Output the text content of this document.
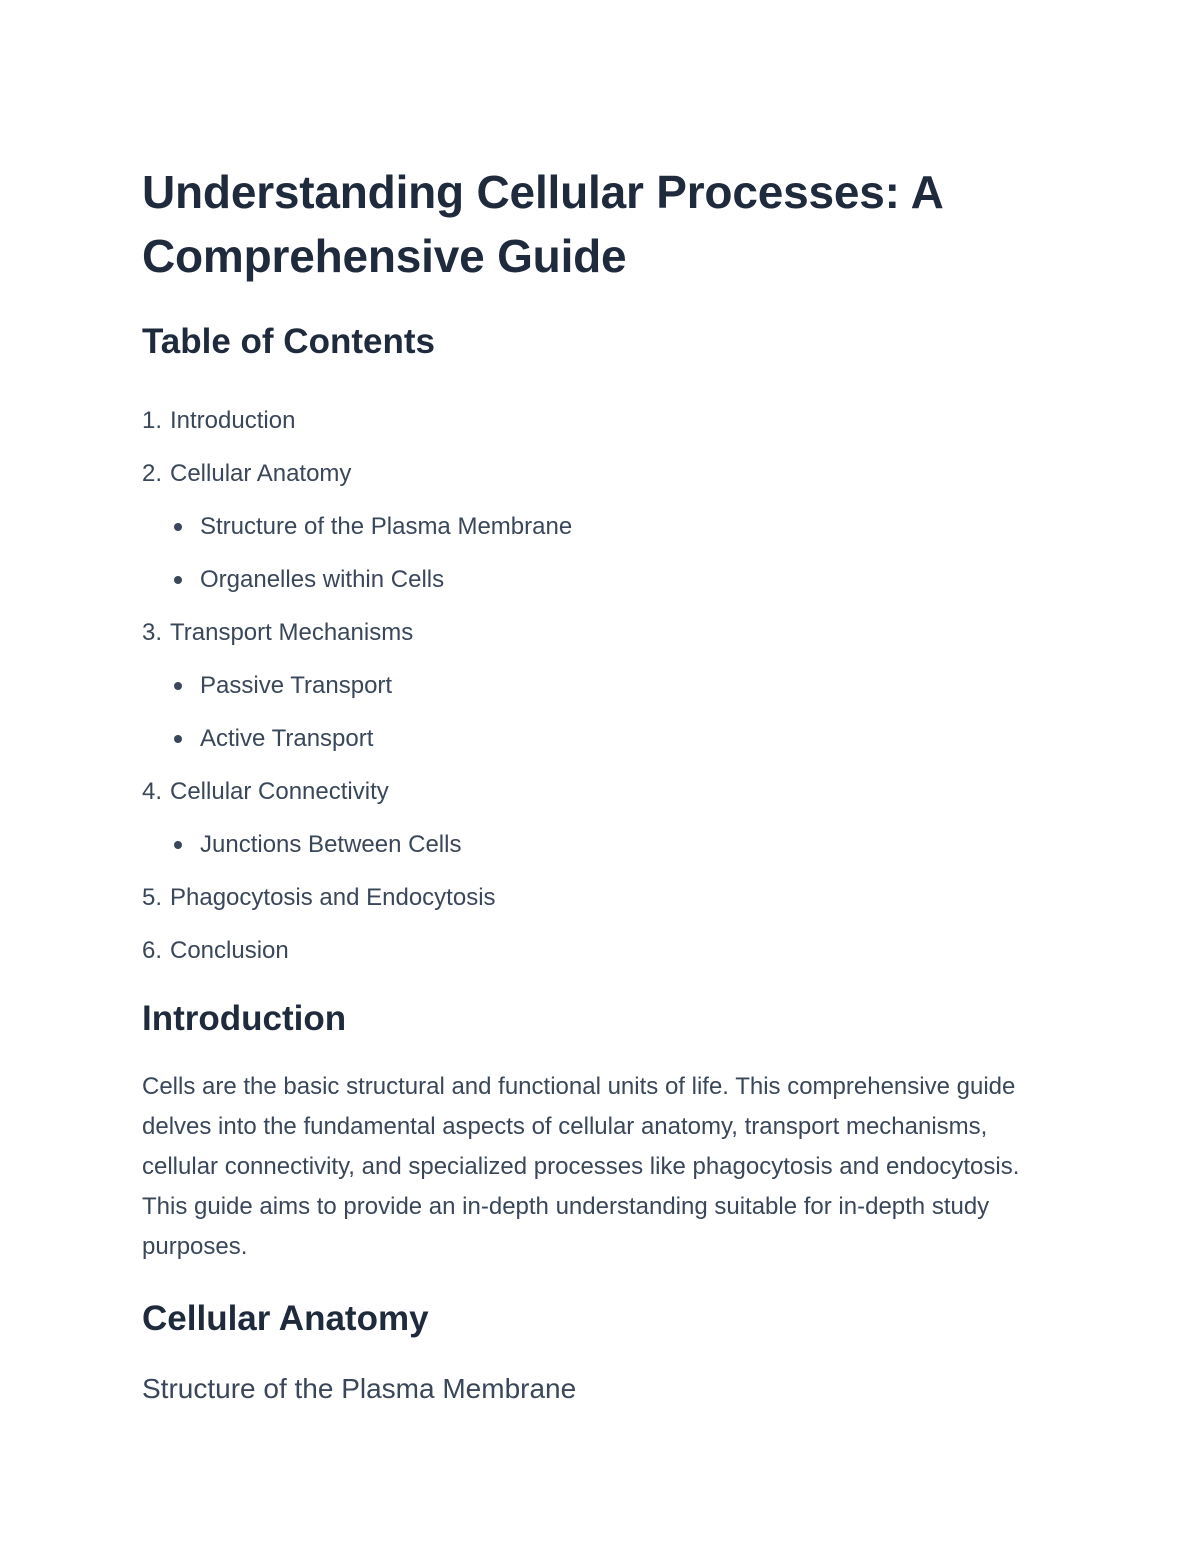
Understanding Cellular Processes: A Comprehensive Guide
Table of Contents
1. Introduction
2. Cellular Anatomy
Structure of the Plasma Membrane
Organelles within Cells
3. Transport Mechanisms
Passive Transport
Active Transport
4. Cellular Connectivity
Junctions Between Cells
5. Phagocytosis and Endocytosis
6. Conclusion
Introduction

Cells are the basic structural and functional units of life. This comprehensive guide delves into the fundamental aspects of cellular anatomy, transport mechanisms, cellular connectivity, and specialized processes like phagocytosis and endocytosis. This guide aims to provide an in-depth understanding suitable for in-depth study purposes.

Cellular Anatomy
Structure of the Plasma Membrane
